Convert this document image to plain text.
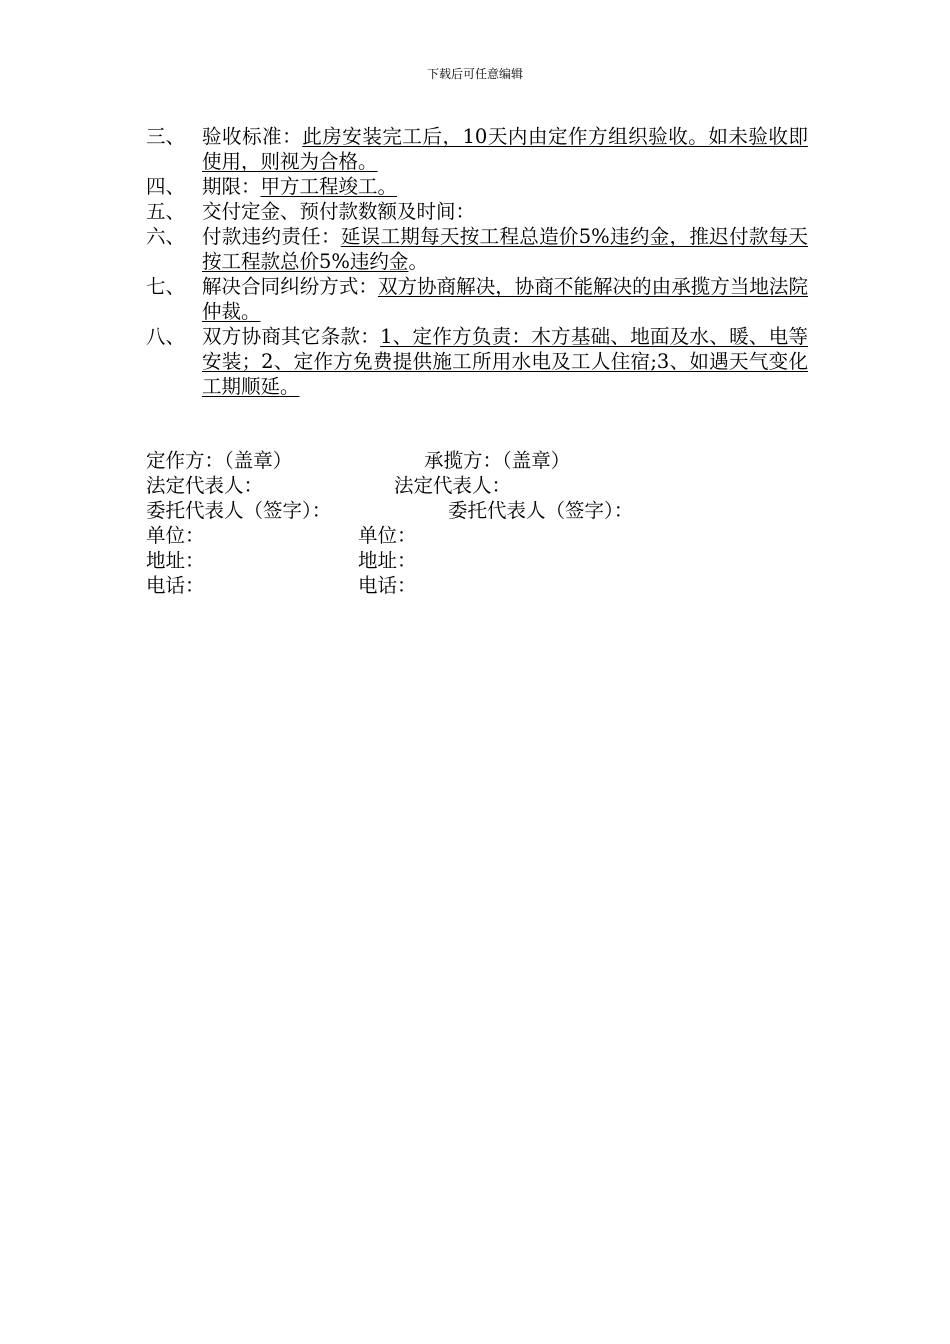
下载后可任意编辑
三、 验收标准：此房安装完工后，10天内由定作方组织验收。如未验收即使用，则视为合格。
四、 期限：甲方工程竣工。
五、 交付定金、预付款数额及时间：
六、 付款违约责任：延误工期每天按工程总造价5%违约金，推迟付款每天按工程款总价5%违约金。
七、 解决合同纠纷方式：双方协商解决，协商不能解决的由承揽方当地法院仲裁。
八、 双方协商其它条款：1、定作方负责：木方基础、地面及水、暖、电等安装；2、定作方免费提供施工所用水电及工人住宿;3、如遇天气变化工期顺延。
定作方：（盖章）	承揽方：（盖章）
法定代表人：	法定代表人：
委托代表人（签字）：	委托代表人（签字）：
单位：	单位：
地址：	地址：
电话：	电话：
